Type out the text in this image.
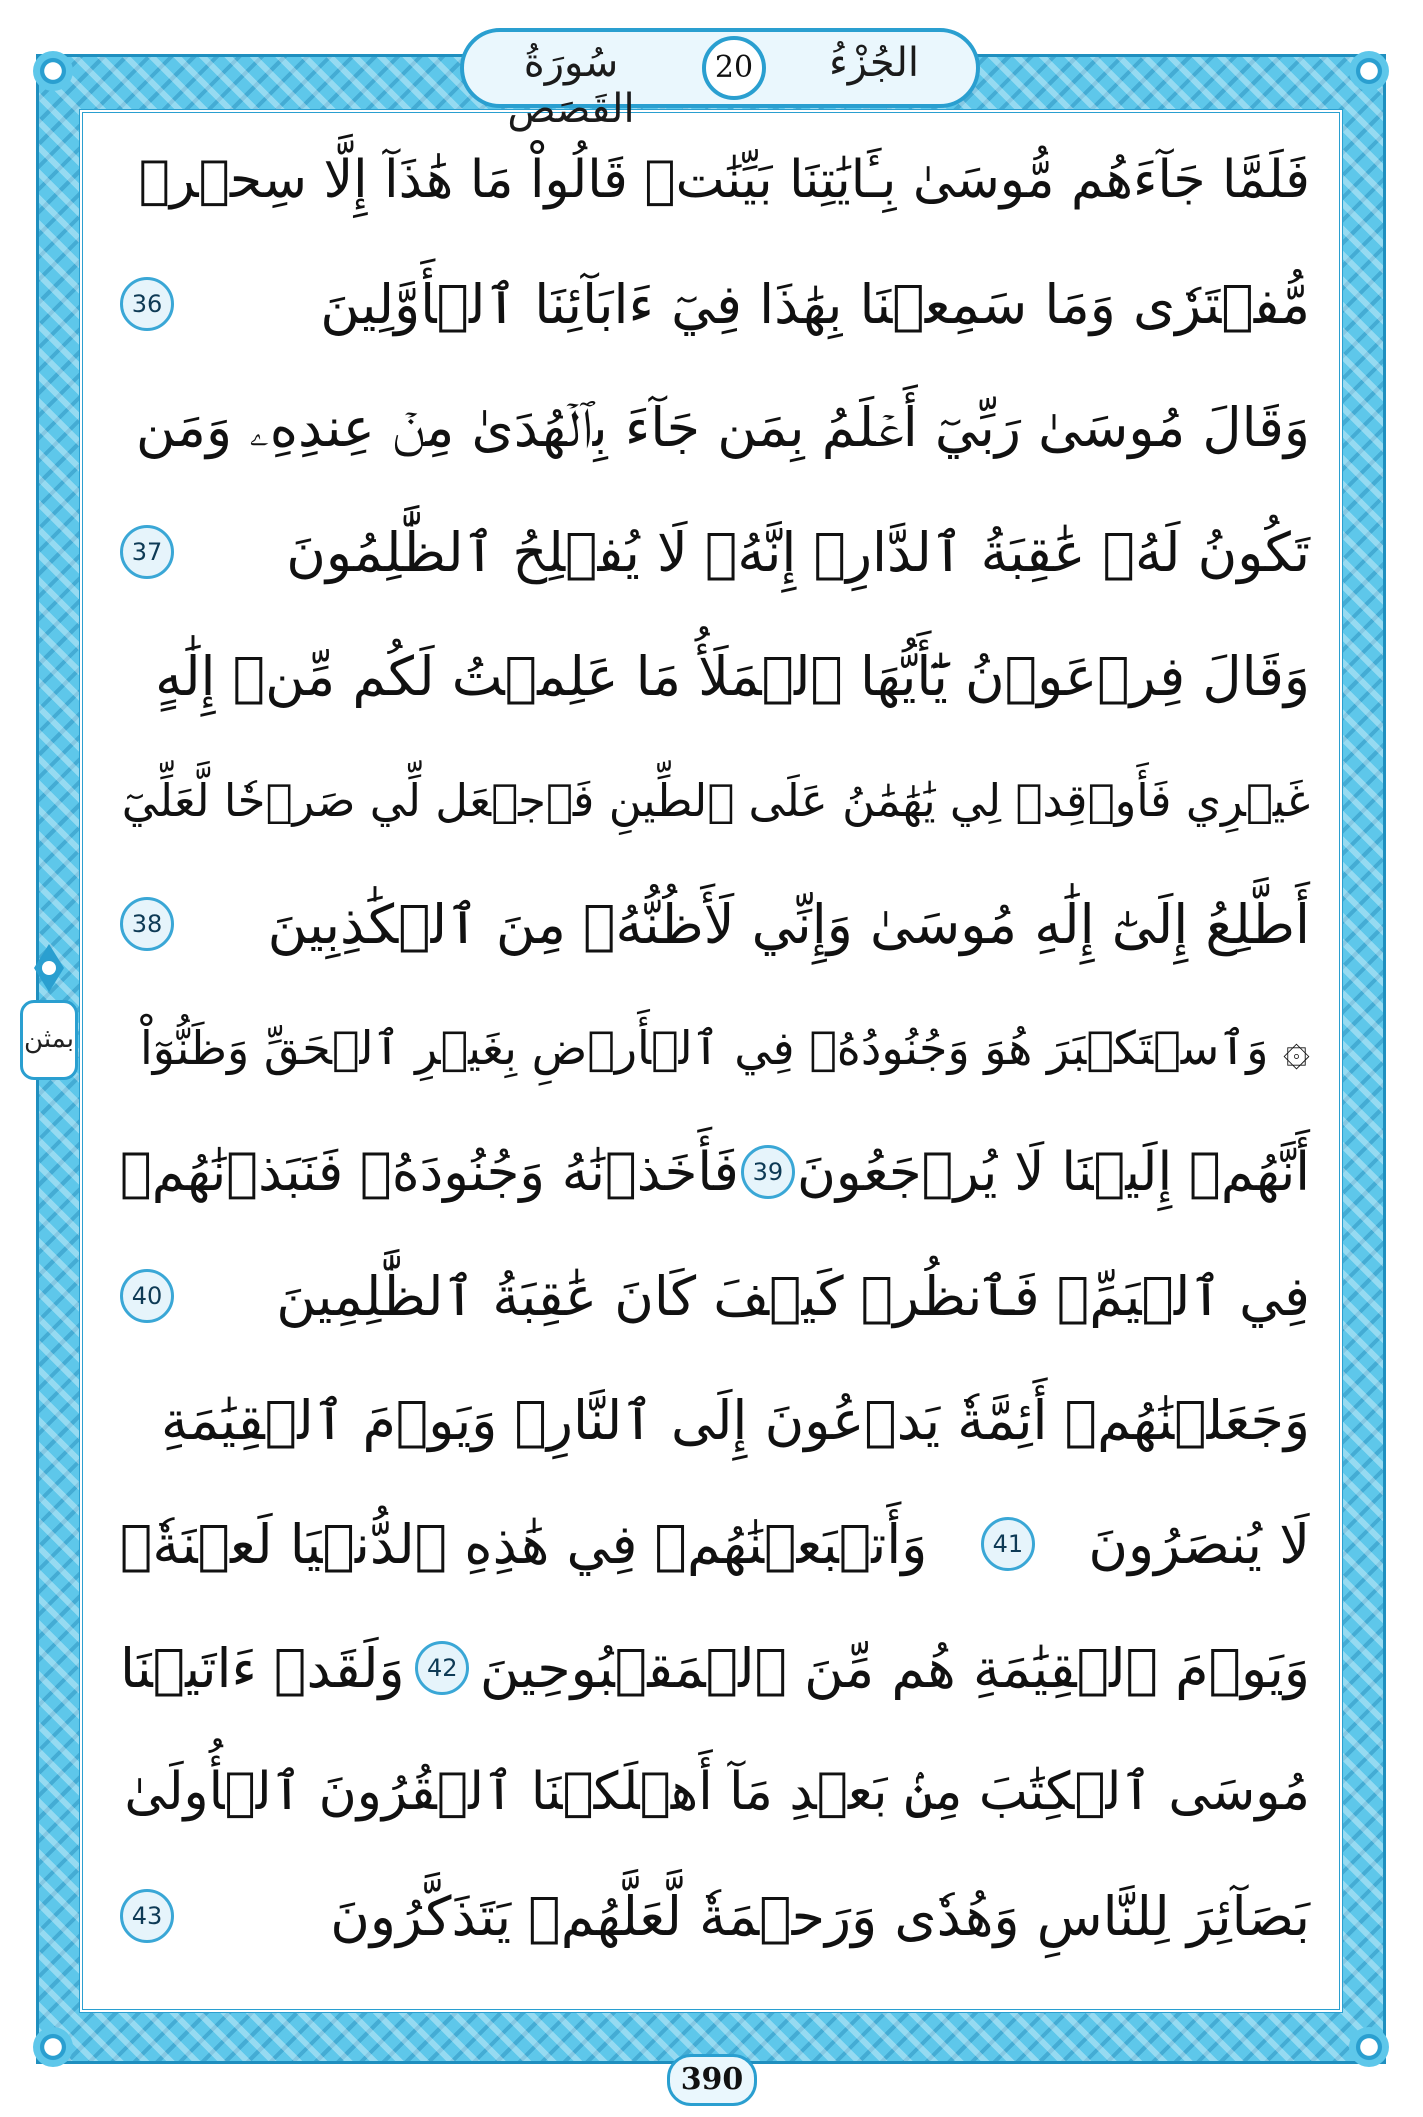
سُورَةُ القَصَص
20	الجُزْءُ
فَلَمَّا جَآءَهُم مُّوسَىٰ بِـَٔايَٰتِنَا بَيِّنَٰتٖ قَالُواْ مَا هَٰذَآ إِلَّا سِحۡرٞ
مُّفۡتَرٗى وَمَا سَمِعۡنَا بِهَٰذَا فِيٓ ءَابَآئِنَا ٱلۡأَوَّلِينَ
36
وَقَالَ مُوسَىٰ رَبِّيٓ أَعۡلَمُ بِمَن جَآءَ بِٱلۡهُدَىٰ مِنۡ عِندِهِۦ وَمَن
تَكُونُ لَهُۥ عَٰقِبَةُ ٱلدَّارِۚ إِنَّهُۥ لَا يُفۡلِحُ ٱلظَّٰلِمُونَ
37
وَقَالَ فِرۡعَوۡنُ يَٰٓأَيُّهَا ٱلۡمَلَأُ مَا عَلِمۡتُ لَكُم مِّنۡ إِلَٰهٍ
غَيۡرِي فَأَوۡقِدۡ لِي يَٰهَٰمَٰنُ عَلَى ٱلطِّينِ فَٱجۡعَل لِّي صَرۡحٗا لَّعَلِّيٓ
أَطَّلِعُ إِلَىٰٓ إِلَٰهِ مُوسَىٰ وَإِنِّي لَأَظُنُّهُۥ مِنَ ٱلۡكَٰذِبِينَ
38
۞ وَٱسۡتَكۡبَرَ هُوَ وَجُنُودُهُۥ فِي ٱلۡأَرۡضِ بِغَيۡرِ ٱلۡحَقِّ وَظَنُّوٓاْ
أَنَّهُمۡ إِلَيۡنَا لَا يُرۡجَعُونَ
39
فَأَخَذۡنَٰهُ وَجُنُودَهُۥ فَنَبَذۡنَٰهُمۡ
فِي ٱلۡيَمِّۖ فَٱنظُرۡ كَيۡفَ كَانَ عَٰقِبَةُ ٱلظَّٰلِمِينَ
40
وَجَعَلۡنَٰهُمۡ أَئِمَّةٗ يَدۡعُونَ إِلَى ٱلنَّارِۖ وَيَوۡمَ ٱلۡقِيَٰمَةِ
لَا يُنصَرُونَ
41
وَأَتۡبَعۡنَٰهُمۡ فِي هَٰذِهِ ٱلدُّنۡيَا لَعۡنَةٗۖ
وَيَوۡمَ ٱلۡقِيَٰمَةِ هُم مِّنَ ٱلۡمَقۡبُوحِينَ
42
وَلَقَدۡ ءَاتَيۡنَا
مُوسَى ٱلۡكِتَٰبَ مِنۢ بَعۡدِ مَآ أَهۡلَكۡنَا ٱلۡقُرُونَ ٱلۡأُولَىٰ
بَصَآئِرَ لِلنَّاسِ وَهُدٗى وَرَحۡمَةٗ لَّعَلَّهُمۡ يَتَذَكَّرُونَ
43
بمثن
390
